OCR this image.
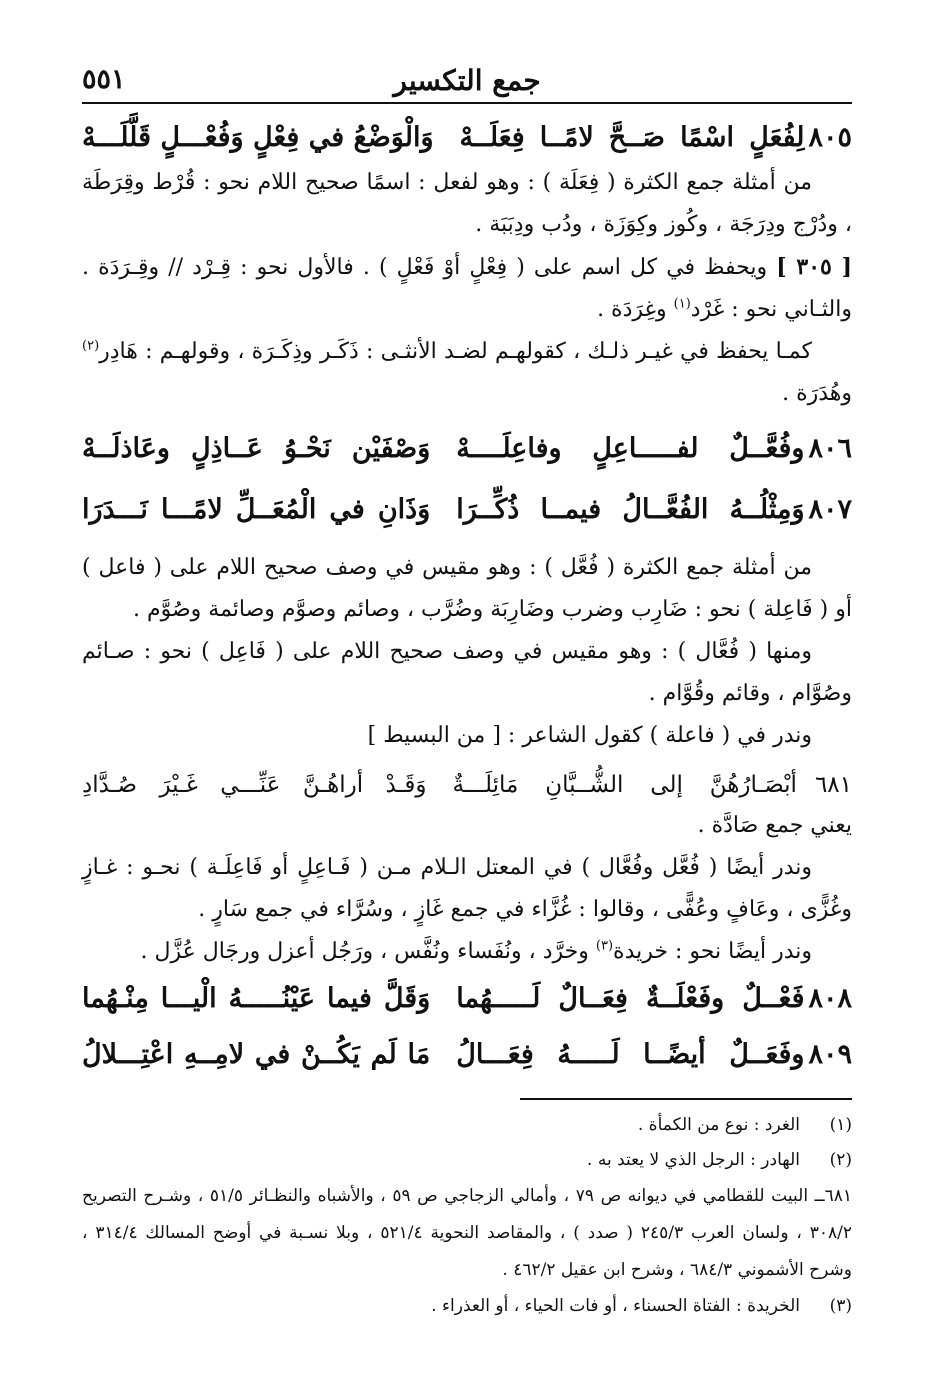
جمع التكسير
٥٥١
٨٠٥
لِفُعَلٍ اسْمًا صَــحَّ لامًــا فِعَلَــهْ
وَالْوَضْعُ في فِعْلٍ وَفُعْـــلٍ قَلَّلَـــهْ

من أمثلة جمع الكثرة ( فِعَلَة ) : وهو لفعل : اسمًا صحيح اللام نحو : قُرْط وقِرَطَة ، ودُرْج ودِرَجَة ، وكُوز وكِوَزَة ، ودُب ودِبَبَة .

[ ٣٠٥ ] ويحفظ في كل اسم على ( فِعْلٍ أوْ فَعْلٍ ) . فالأول نحو : قِـرْد // وقِـرَدَة . والثـاني نحو : غَرْد$^{(١)}$ وغِرَدَة .

كمـا يحفظ في غيـر ذلـك ، كقولهـم لضـد الأنثـى : ذَكَـر وذِكَـرَة ، وقولهـم : هَادِر$^{(٢)}$ وهُدَرَة .

٨٠٦
وفُعَّــلٌ لفـــــاعِلٍ وفاعِلَــــهْ
وَصْفَيْن نَحْـوُ عَــاذِلٍ وعَاذلَــهْ
٨٠٧
وَمِثْلُــهُ الفُعَّــالُ فيمــا ذُكِّــرَا
وَذَانِ في الْمُعَــلِّ لامًـــا نَـــدَرَا

من أمثلة جمع الكثرة ( فُعَّل ) : وهو مقيس في وصف صحيح اللام على ( فاعل ) أو ( فَاعِلة ) نحو : ضَارِب وضرب وضَارِبَة وضُرَّب ، وصائم وصوَّم وصائمة وصُوَّم .

ومنها ( فُعَّال ) : وهو مقيس في وصف صحيح اللام على ( فَاعِل ) نحو : صـائم وصُوَّام ، وقائم وقُوَّام .

وندر في ( فاعلة ) كقول الشاعر : [ من البسيط ]

٦٨١
أبْصَـارُهُنَّ إلى الشُّــبَّانِ مَائِلَـــةٌ
وَقَـدْ أراهُـنَّ عَنِّـــي غَـيْرَ صُـدَّادِ

يعني جمع صَادَّة .

وندر أيضًا ( فُعَّل وفُعَّال ) في المعتل الـلام مـن ( فَـاعِلٍ أو فَاعِلَـة ) نحـو : غـازٍ وغُزًّى ، وعَافٍ وعُفًّى ، وقالوا : غُزَّاء في جمع غَازٍ ، وسُرَّاء في جمع سَارٍ .

وندر أيضًا نحو : خريدة$^{(٣)}$ وخرَّد ، ونُفَساء ونُفَّس ، ورَجُل أعزل ورجَال عُزَّل .

٨٠٨
فَعْــلٌ وفَعْلَــةٌ فِعَــالٌ لَـــــهُما
وَقَلَّ فيما عَيْنُـــــهُ الْيـــا مِنْـهُما
٨٠٩
وفَعَــلٌ أيضًــا لَـــــهُ فِعَـــالُ
مَا لَم يَكُــنْ في لامِــهِ اعْتِـــلالُ

(١)
الغرد : نوع من الكمأة .

(٢)
الهادر : الرجل الذي لا يعتد به .

٦٨١ــ البيت للقطامي في ديوانه ص ٧٩ ، وأمالي الزجاجي ص ٥٩ ، والأشباه والنظـائر ٥١/٥ ، وشـرح التصريح ٣٠٨/٢ ، ولسان العرب ٢٤٥/٣ ( صدد ) ، والمقاصد النحوية ٥٢١/٤ ، وبلا نسـبة في أوضح المسالك ٣١٤/٤ ، وشرح الأشموني ٦٨٤/٣ ، وشرح ابن عقيل ٤٦٢/٢ .

(٣)
الخريدة : الفتاة الحسناء ، أو فات الحياء ، أو العذراء .
